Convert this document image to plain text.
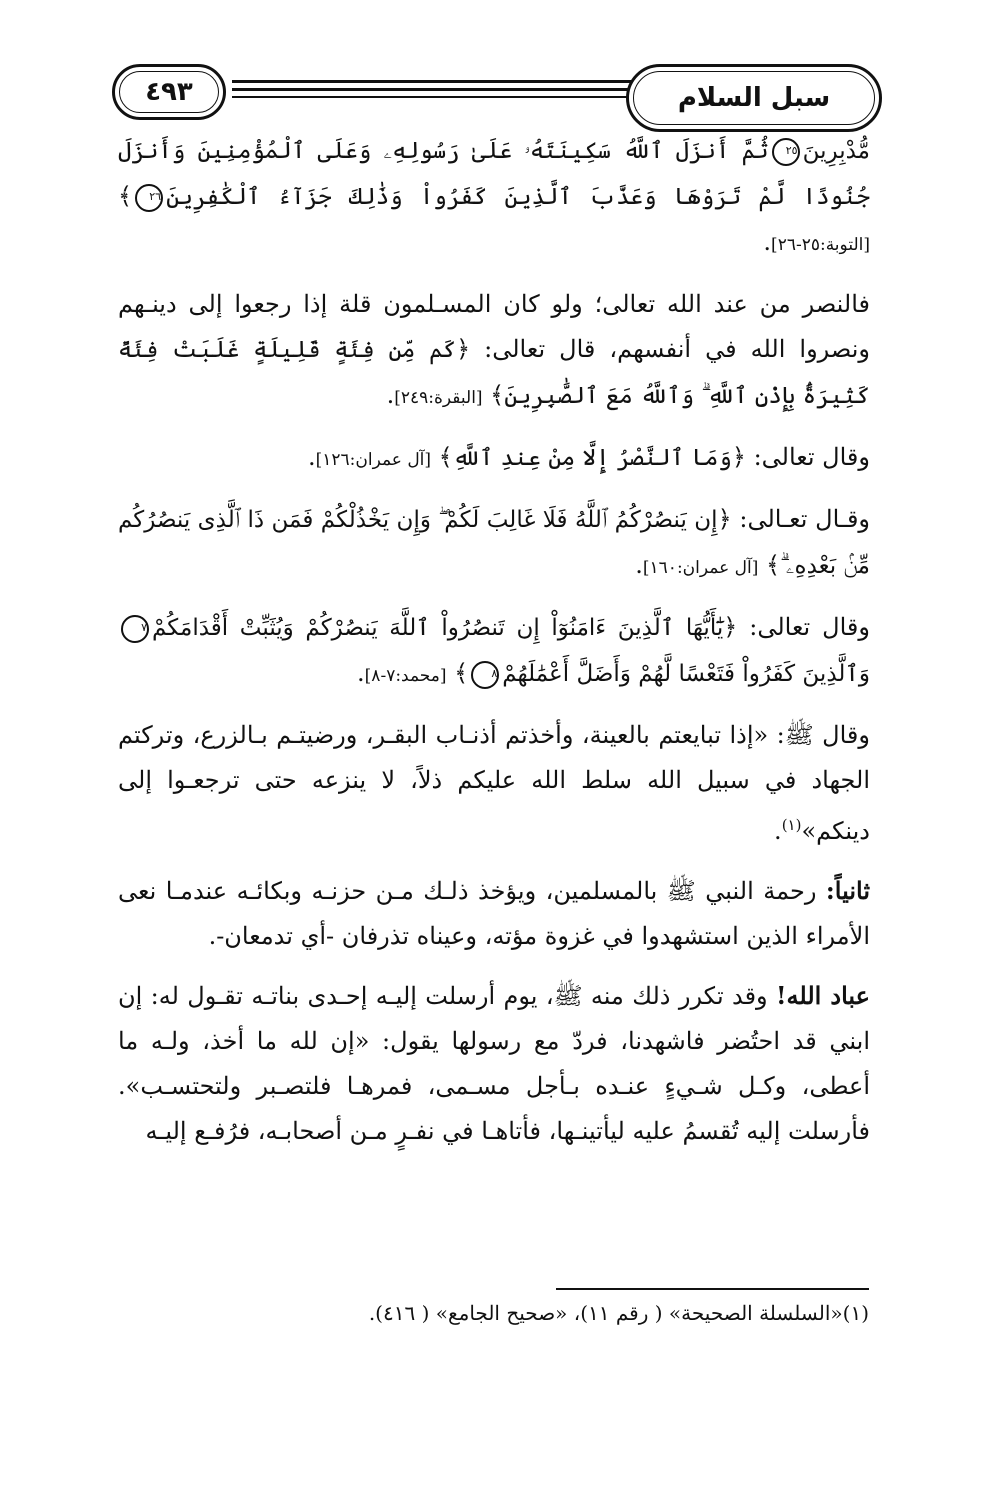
٤٩٣	سبل السلام

مُّدْبِرِينَ٢٥ثُمَّ أَنزَلَ ٱللَّهُ سَكِينَتَهُۥ عَلَىٰ رَسُولِهِۦ وَعَلَى ٱلْمُؤْمِنِينَ وَأَنزَلَ جُنُودًا لَّمْ تَرَوْهَا وَعَذَّبَ ٱلَّذِينَ كَفَرُواْ وَذَٰلِكَ جَزَآءُ ٱلْكَٰفِرِينَ٢٦﴾ [التوبة:٢٥-٢٦].

فالنصر من عند الله تعالى؛ ولو كان المسـلمون قلة إذا رجعوا إلى دينـهم ونصروا الله في أنفسهم، قال تعالى: ﴿كَم مِّن فِئَةٍ قَلِيلَةٍ غَلَبَتْ فِئَةً كَثِيرَةًۢ بِإِذْنِ ٱللَّهِ ۗ وَٱللَّهُ مَعَ ٱلصَّٰبِرِينَ﴾ [البقرة:٢٤٩].

وقال تعالى: ﴿وَمَا ٱلنَّصْرُ إِلَّا مِنْ عِندِ ٱللَّهِ﴾ [آل عمران:١٢٦].

وقـال تعـالى: ﴿إِن يَنصُرْكُمُ ٱللَّهُ فَلَا غَالِبَ لَكُمْ ۖ وَإِن يَخْذُلْكُمْ فَمَن ذَا ٱلَّذِى يَنصُرُكُم مِّنۢ بَعْدِهِۦ ۗ﴾ [آل عمران:١٦٠].

وقال تعالى: ﴿يَٰٓأَيُّهَا ٱلَّذِينَ ءَامَنُوٓاْ إِن تَنصُرُواْ ٱللَّهَ يَنصُرْكُمْ وَيُثَبِّتْ أَقْدَامَكُمْ٧وَٱلَّذِينَ كَفَرُواْ فَتَعْسًا لَّهُمْ وَأَضَلَّ أَعْمَٰلَهُمْ٨﴾ [محمد:٧-٨].

وقال ﷺ: «إذا تبايعتم بالعينة، وأخذتم أذنـاب البقـر، ورضيتـم بـالزرع، وتركتم الجهاد في سبيل الله سلط الله عليكم ذلاً، لا ينزعه حتى ترجعـوا إلى دينكم»$^{(١)}$.

ثانياً: رحمة النبي ﷺ بالمسلمين، ويؤخذ ذلـك مـن حزنـه وبكائـه عندمـا نعى الأمراء الذين استشهدوا في غزوة مؤته، وعيناه تذرفان -أي تدمعان-.

عباد الله! وقد تكرر ذلك منه ﷺ، يوم أرسلت إليـه إحـدى بناتـه تقـول له: إن ابني قد احتُضر فاشهدنا، فردّ مع رسولها يقول: «إن لله ما أخذ، ولـه ما أعطى، وكـل شـيءٍ عنـده بـأجل مسـمى، فمرهـا فلتصـبر ولتحتسـب». فأرسلت إليه تُقسمُ عليه ليأتينـها، فأتاهـا في نفـرٍ مـن أصحابـه، فرُفـع إليـه

(١)«السلسلة الصحيحة» ( رقم ١١)، «صحيح الجامع» ( ٤١٦).
